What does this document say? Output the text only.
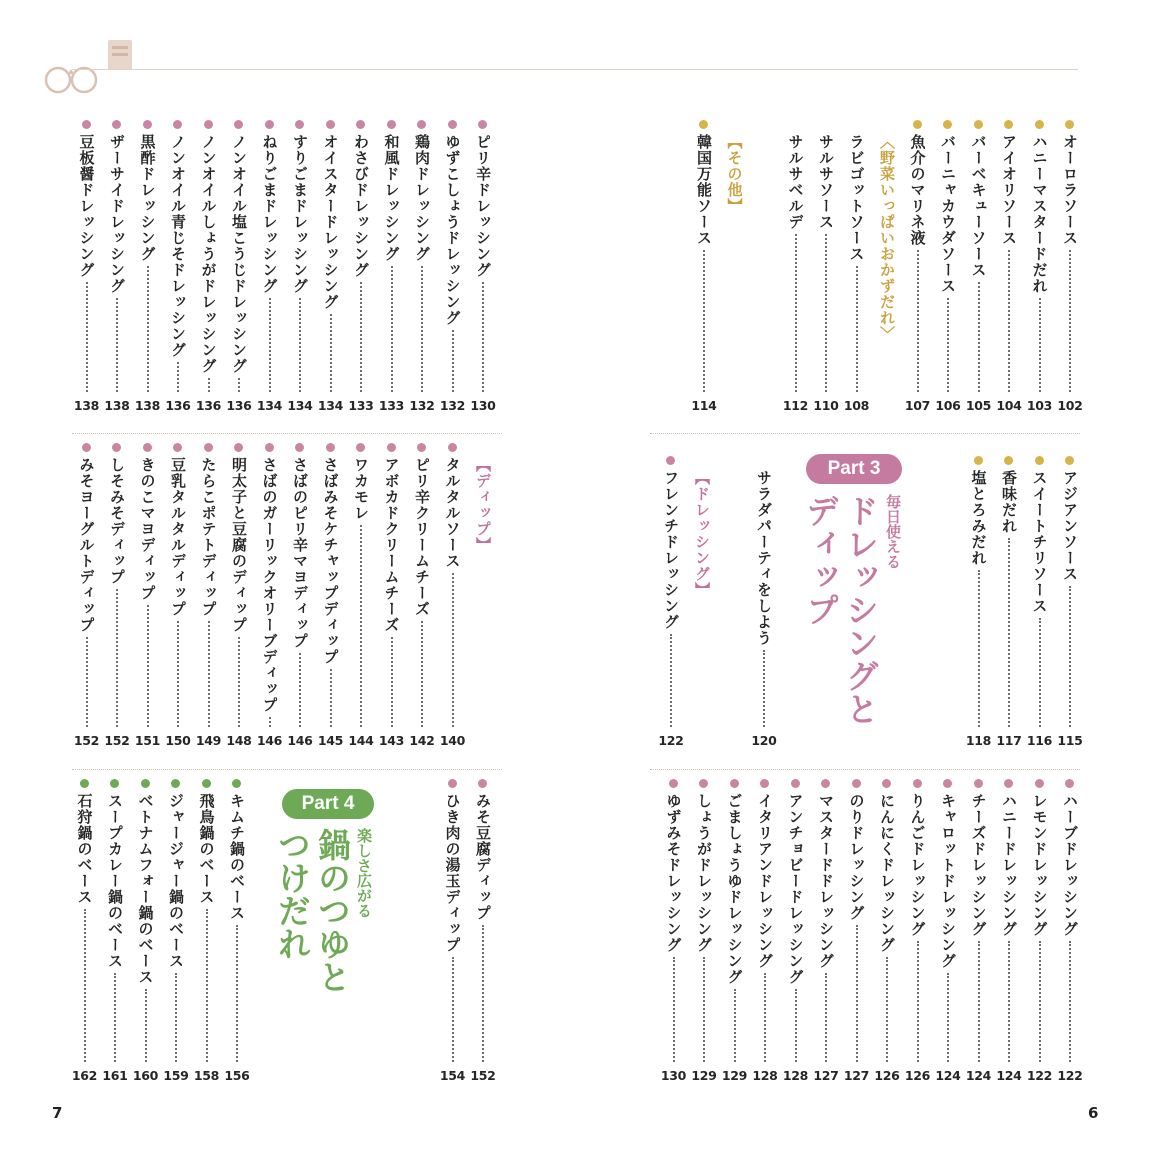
オーロラソース
102
ハニーマスタードだれ
103
アイオリソース
104
バーベキューソース
105
バーニャカウダソース
106
魚介のマリネ液
107
〈野菜いっぱいおかずだれ〉
ラビゴットソース
108
サルサソース
110
サルサベルデ
112
【その他】
韓国万能ソース
114
ピリ辛ドレッシング
130
ゆずこしょうドレッシング
132
鶏肉ドレッシング
132
和風ドレッシング
133
わさびドレッシング
133
オイスタードレッシング
134
すりごまドレッシング
134
ねりごまドレッシング
134
ノンオイル塩こうじドレッシング
136
ノンオイルしょうがドレッシング
136
ノンオイル青じそドレッシング
136
黒酢ドレッシング
138
ザーサイドレッシング
138
豆板醤ドレッシング
138
アジアンソース
115
スイートチリソース
116
香味だれ
117
塩とろみだれ
118
【ディップ】
タルタルソース
140
ピリ辛クリームチーズ
142
アボカドクリームチーズ
143
ワカモレ
144
さばみそケチャップディップ
145
さばのピリ辛マヨディップ
146
さばのガーリックオリーブディップ
146
明太子と豆腐のディップ
148
たらこポテトディップ
149
豆乳タルタルディップ
150
きのこマヨディップ
151
しそみそディップ
152
みそヨーグルトディップ
152
ハーブドレッシング
122
レモンドレッシング
122
ハニードレッシング
124
チーズドレッシング
124
キャロットドレッシング
124
りんごドレッシング
126
にんにくドレッシング
126
のりドレッシング
127
マスタードドレッシング
127
アンチョビードレッシング
128
イタリアンドレッシング
128
ごましょうゆドレッシング
129
しょうがドレッシング
129
ゆずみそドレッシング
130
みそ豆腐ディップ
152
ひき肉の湯玉ディップ
154
キムチ鍋のベース
156
飛鳥鍋のベース
158
ジャージャー鍋のベース
159
ベトナムフォー鍋のベース
160
スープカレー鍋のベース
161
石狩鍋のベース
162
Part 3
毎日使える
ドレッシングと
ディップ
サラダパーティをしよう
120
【ドレッシング】
フレンチドレッシング
122
Part 4
楽しさ広がる
鍋のつゆと
つけだれ
7	6
